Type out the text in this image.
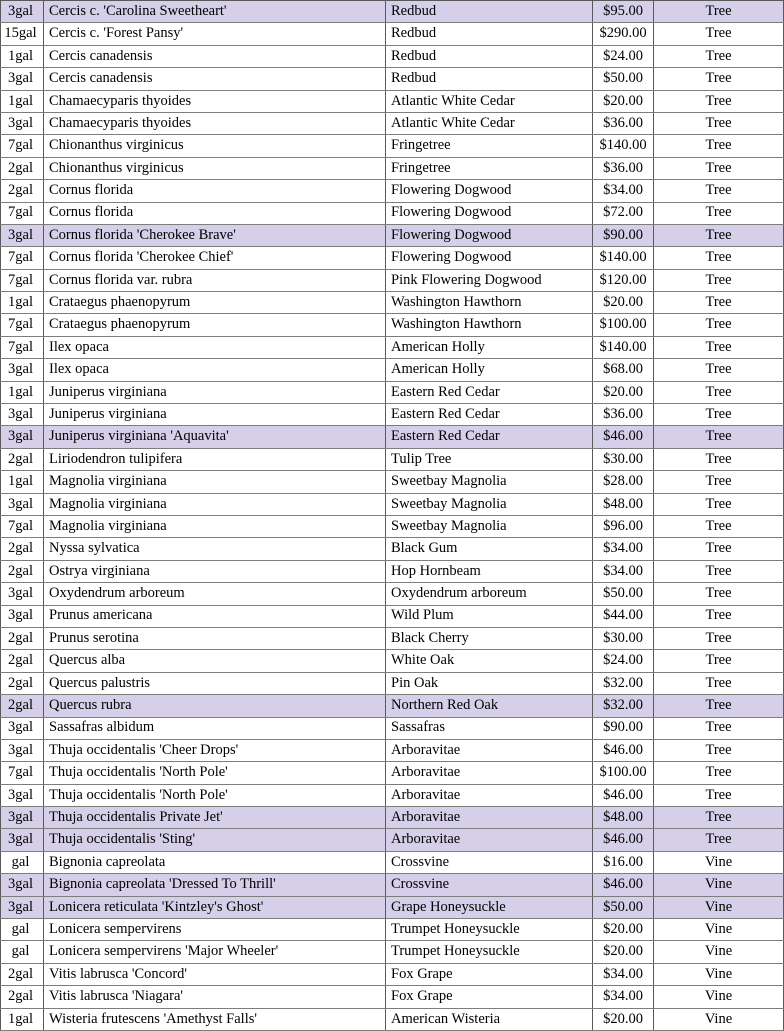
3gal	Cercis c. 'Carolina Sweetheart'	Redbud	$95.00	Tree
15gal	Cercis c. 'Forest Pansy'	Redbud	$290.00	Tree
1gal	Cercis canadensis	Redbud	$24.00	Tree
3gal	Cercis canadensis	Redbud	$50.00	Tree
1gal	Chamaecyparis thyoides	Atlantic White Cedar	$20.00	Tree
3gal	Chamaecyparis thyoides	Atlantic White Cedar	$36.00	Tree
7gal	Chionanthus virginicus	Fringetree	$140.00	Tree
2gal	Chionanthus virginicus	Fringetree	$36.00	Tree
2gal	Cornus florida	Flowering Dogwood	$34.00	Tree
7gal	Cornus florida	Flowering Dogwood	$72.00	Tree
3gal	Cornus florida 'Cherokee Brave'	Flowering Dogwood	$90.00	Tree
7gal	Cornus florida 'Cherokee Chief'	Flowering Dogwood	$140.00	Tree
7gal	Cornus florida var. rubra	Pink Flowering Dogwood	$120.00	Tree
1gal	Crataegus phaenopyrum	Washington Hawthorn	$20.00	Tree
7gal	Crataegus phaenopyrum	Washington Hawthorn	$100.00	Tree
7gal	Ilex opaca	American Holly	$140.00	Tree
3gal	Ilex opaca	American Holly	$68.00	Tree
1gal	Juniperus virginiana	Eastern Red Cedar	$20.00	Tree
3gal	Juniperus virginiana	Eastern Red Cedar	$36.00	Tree
3gal	Juniperus virginiana 'Aquavita'	Eastern Red Cedar	$46.00	Tree
2gal	Liriodendron tulipifera	Tulip Tree	$30.00	Tree
1gal	Magnolia virginiana	Sweetbay Magnolia	$28.00	Tree
3gal	Magnolia virginiana	Sweetbay Magnolia	$48.00	Tree
7gal	Magnolia virginiana	Sweetbay Magnolia	$96.00	Tree
2gal	Nyssa sylvatica	Black Gum	$34.00	Tree
2gal	Ostrya virginiana	Hop Hornbeam	$34.00	Tree
3gal	Oxydendrum arboreum	Oxydendrum arboreum	$50.00	Tree
3gal	Prunus americana	Wild Plum	$44.00	Tree
2gal	Prunus serotina	Black Cherry	$30.00	Tree
2gal	Quercus alba	White Oak	$24.00	Tree
2gal	Quercus palustris	Pin Oak	$32.00	Tree
2gal	Quercus rubra	Northern Red Oak	$32.00	Tree
3gal	Sassafras albidum	Sassafras	$90.00	Tree
3gal	Thuja occidentalis 'Cheer Drops'	Arboravitae	$46.00	Tree
7gal	Thuja occidentalis 'North Pole'	Arboravitae	$100.00	Tree
3gal	Thuja occidentalis 'North Pole'	Arboravitae	$46.00	Tree
3gal	Thuja occidentalis Private Jet'	Arboravitae	$48.00	Tree
3gal	Thuja occidentalis 'Sting'	Arboravitae	$46.00	Tree
gal	Bignonia capreolata	Crossvine	$16.00	Vine
3gal	Bignonia capreolata 'Dressed To Thrill'	Crossvine	$46.00	Vine
3gal	Lonicera reticulata 'Kintzley's Ghost'	Grape Honeysuckle	$50.00	Vine
gal	Lonicera sempervirens	Trumpet Honeysuckle	$20.00	Vine
gal	Lonicera sempervirens 'Major Wheeler'	Trumpet Honeysuckle	$20.00	Vine
2gal	Vitis labrusca 'Concord'	Fox Grape	$34.00	Vine
2gal	Vitis labrusca 'Niagara'	Fox Grape	$34.00	Vine
1gal	Wisteria frutescens 'Amethyst Falls'	American Wisteria	$20.00	Vine
